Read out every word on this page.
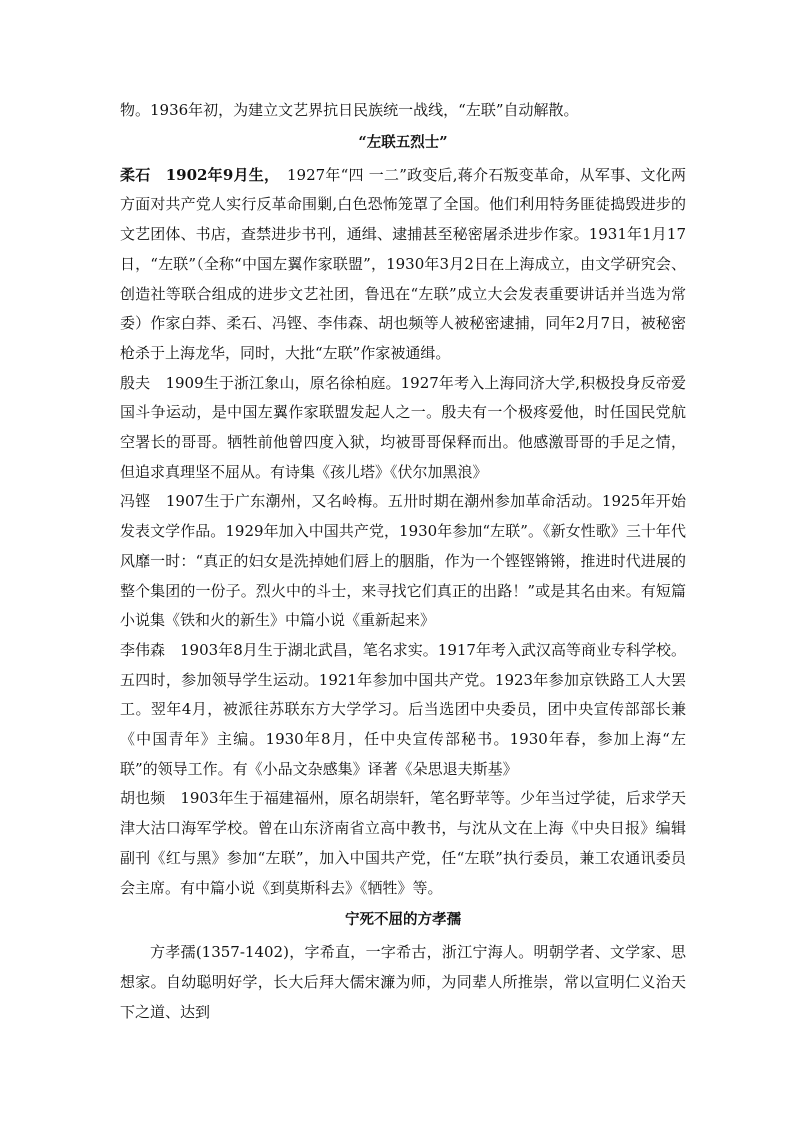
物。1936年初，为建立文艺界抗日民族统一战线，“左联”自动解散。

“左联五烈士”

柔石　1902年9月生，　1927年“四 一二”政变后,蒋介石叛变革命，从军事、文化两方面对共产党人实行反革命围剿,白色恐怖笼罩了全国。他们利用特务匪徒捣毁进步的文艺团体、书店，查禁进步书刊，通缉、逮捕甚至秘密屠杀进步作家。1931年1月17日，“左联”（全称“中国左翼作家联盟”，1930年3月2日在上海成立，由文学研究会、创造社等联合组成的进步文艺社团，鲁迅在“左联”成立大会发表重要讲话并当选为常委）作家白莽、柔石、冯铿、李伟森、胡也频等人被秘密逮捕，同年2月7日，被秘密枪杀于上海龙华，同时，大批“左联”作家被通缉。

殷夫　1909生于浙江象山，原名徐柏庭。1927年考入上海同济大学,积极投身反帝爱国斗争运动，是中国左翼作家联盟发起人之一。殷夫有一个极疼爱他，时任国民党航空署长的哥哥。牺牲前他曾四度入狱，均被哥哥保释而出。他感激哥哥的手足之情，但追求真理坚不屈从。有诗集《孩儿塔》《伏尔加黑浪》

冯铿　1907生于广东潮州，又名岭梅。五卅时期在潮州参加革命活动。1925年开始发表文学作品。1929年加入中国共产党，1930年参加“左联”。《新女性歌》三十年代风靡一时：“真正的妇女是洗掉她们唇上的胭脂，作为一个铿铿锵锵，推进时代进展的整个集团的一份子。烈火中的斗士，来寻找它们真正的出路！”或是其名由来。有短篇小说集《铁和火的新生》中篇小说《重新起来》

李伟森　1903年8月生于湖北武昌，笔名求实。1917年考入武汉高等商业专科学校。五四时，参加领导学生运动。1921年参加中国共产党。1923年参加京铁路工人大罢工。翌年4月，被派往苏联东方大学学习。后当选团中央委员，团中央宣传部部长兼《中国青年》主编。1930年8月，任中央宣传部秘书。1930年春，参加上海“左联”的领导工作。有《小品文杂感集》译著《朵思退夫斯基》

胡也频　1903年生于福建福州，原名胡崇轩，笔名野苹等。少年当过学徒，后求学天津大沽口海军学校。曾在山东济南省立高中教书，与沈从文在上海《中央日报》编辑副刊《红与黑》参加“左联”，加入中国共产党，任“左联”执行委员，兼工农通讯委员会主席。有中篇小说《到莫斯科去》《牺牲》等。

宁死不屈的方孝孺

方孝孺(1357-1402)，字希直，一字希古，浙江宁海人。明朝学者、文学家、思想家。自幼聪明好学，长大后拜大儒宋濂为师，为同辈人所推崇，常以宣明仁义治天下之道、达到
